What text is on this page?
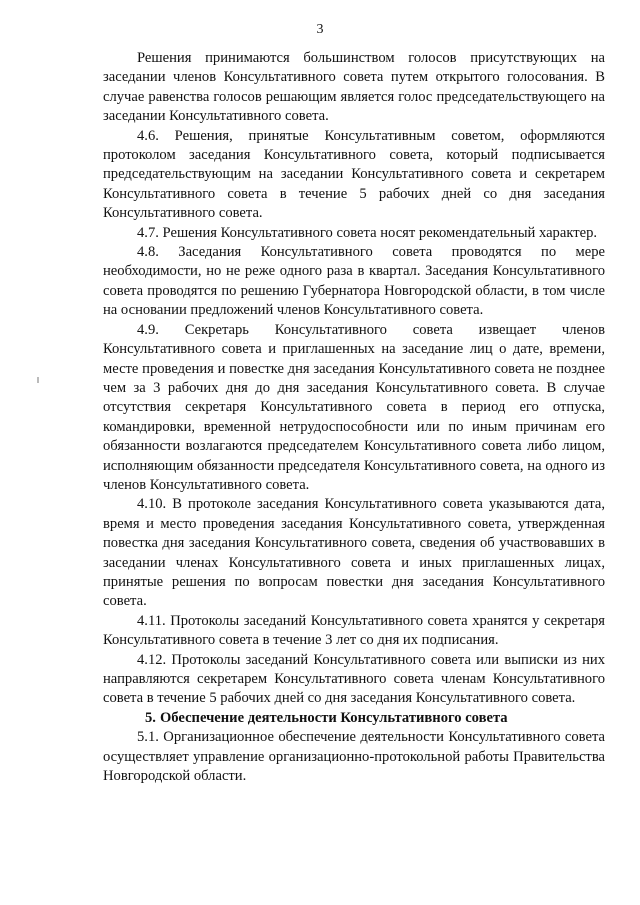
3

Решения принимаются большинством голосов присутствующих на заседании членов Консультативного совета путем открытого голосования. В случае равенства голосов решающим является голос председательствующего на заседании Консультативного совета.

4.6. Решения, принятые Консультативным советом, оформляются протоколом заседания Консультативного совета, который подписывается председательствующим на заседании Консультативного совета и секретарем Консультативного совета в течение 5 рабочих дней со дня заседания Консультативного совета.

4.7. Решения Консультативного совета носят рекомендательный характер.

4.8. Заседания Консультативного совета проводятся по мере необходимости, но не реже одного раза в квартал. Заседания Консультативного совета проводятся по решению Губернатора Новгородской области, в том числе на основании предложений членов Консультативного совета.

4.9. Секретарь Консультативного совета извещает членов Консультативного совета и приглашенных на заседание лиц о дате, времени, месте проведения и повестке дня заседания Консультативного совета не позднее чем за 3 рабочих дня до дня заседания Консультативного совета. В случае отсутствия секретаря Консультативного совета в период его отпуска, командировки, временной нетрудоспособности или по иным причинам его обязанности возлагаются председателем Консультативного совета либо лицом, исполняющим обязанности председателя Консультативного совета, на одного из членов Консультативного совета.

4.10. В протоколе заседания Консультативного совета указываются дата, время и место проведения заседания Консультативного совета, утвержденная повестка дня заседания Консультативного совета, сведения об участвовавших в заседании членах Консультативного совета и иных приглашенных лицах, принятые решения по вопросам повестки дня заседания Консультативного совета.

4.11. Протоколы заседаний Консультативного совета хранятся у секретаря Консультативного совета в течение 3 лет со дня их подписания.

4.12. Протоколы заседаний Консультативного совета или выписки из них направляются секретарем Консультативного совета членам Консультативного совета в течение 5 рабочих дней со дня заседания Консультативного совета.

5. Обеспечение деятельности Консультативного совета

5.1. Организационное обеспечение деятельности Консультативного совета осуществляет управление организационно-протокольной работы Правительства Новгородской области.
